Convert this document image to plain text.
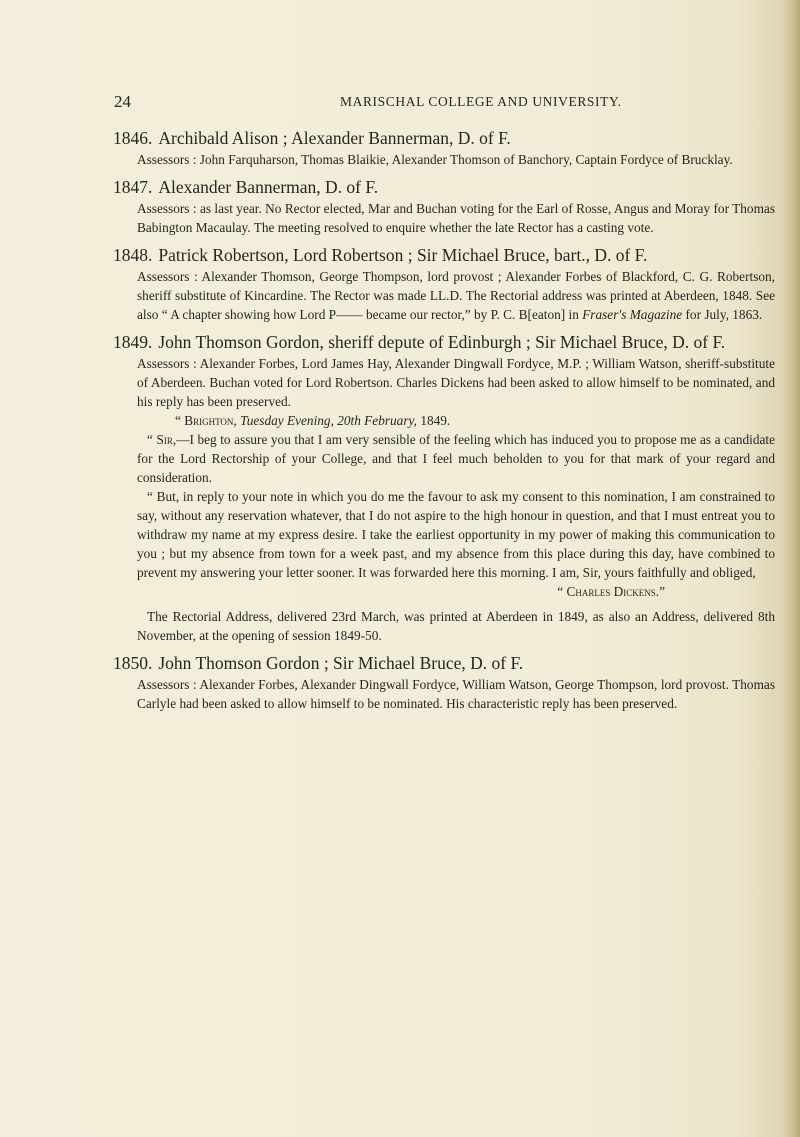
24	MARISCHAL COLLEGE AND UNIVERSITY.

1846. Archibald Alison ; Alexander Bannerman, D. of F.

Assessors : John Farquharson, Thomas Blaikie, Alexander Thomson of Banchory, Captain Fordyce of Brucklay.

1847. Alexander Bannerman, D. of F.

Assessors : as last year. No Rector elected, Mar and Buchan voting for the Earl of Rosse, Angus and Moray for Thomas Babington Macaulay. The meeting resolved to enquire whether the late Rector has a casting vote.

1848. Patrick Robertson, Lord Robertson ; Sir Michael Bruce, bart., D. of F.

Assessors : Alexander Thomson, George Thompson, lord provost ; Alexander Forbes of Blackford, C. G. Robertson, sheriff substitute of Kincardine. The Rector was made LL.D. The Rectorial address was printed at Aberdeen, 1848. See also “ A chapter showing how Lord P—— became our rector,” by P. C. B[eaton] in Fraser's Magazine for July, 1863.

1849. John Thomson Gordon, sheriff depute of Edinburgh ; Sir Michael Bruce, D. of F.

Assessors : Alexander Forbes, Lord James Hay, Alexander Dingwall Fordyce, M.P. ; William Watson, sheriff-substitute of Aberdeen. Buchan voted for Lord Robertson. Charles Dickens had been asked to allow himself to be nominated, and his reply has been preserved.

“ Brighton, Tuesday Evening, 20th February, 1849.

“ Sir,—I beg to assure you that I am very sensible of the feeling which has induced you to propose me as a candidate for the Lord Rectorship of your College, and that I feel much beholden to you for that mark of your regard and consideration.

“ But, in reply to your note in which you do me the favour to ask my consent to this nomination, I am constrained to say, without any reservation whatever, that I do not aspire to the high honour in question, and that I must entreat you to withdraw my name at my express desire. I take the earliest opportunity in my power of making this communication to you ; but my absence from town for a week past, and my absence from this place during this day, have combined to prevent my answering your letter sooner. It was forwarded here this morning. I am, Sir, yours faithfully and obliged,

“ Charles Dickens.”

The Rectorial Address, delivered 23rd March, was printed at Aberdeen in 1849, as also an Address, delivered 8th November, at the opening of session 1849-50.

1850. John Thomson Gordon ; Sir Michael Bruce, D. of F.

Assessors : Alexander Forbes, Alexander Dingwall Fordyce, William Watson, George Thompson, lord provost. Thomas Carlyle had been asked to allow himself to be nominated. His characteristic reply has been preserved.
